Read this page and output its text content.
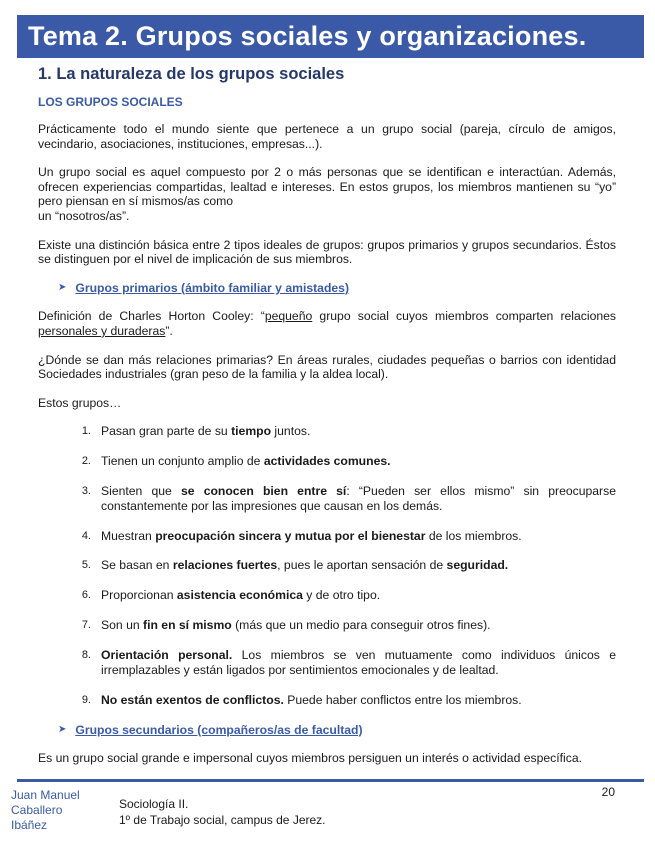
Tema 2. Grupos sociales y organizaciones.
1. La naturaleza de los grupos sociales
LOS GRUPOS SOCIALES

Prácticamente todo el mundo siente que pertenece a un grupo social (pareja, círculo de amigos, vecindario, asociaciones, instituciones, empresas...).

Un grupo social es aquel compuesto por 2 o más personas que se identifican e interactúan. Además, ofrecen experiencias compartidas, lealtad e intereses. En estos grupos, los miembros mantienen su “yo” pero piensan en sí mismos/as como

un “nosotros/as”.

Existe una distinción básica entre 2 tipos ideales de grupos: grupos primarios y grupos secundarios. Éstos se distinguen por el nivel de implicación de sus miembros.

➤ Grupos primarios (ámbito familiar y amistades)

Definición de Charles Horton Cooley: “pequeño grupo social cuyos miembros comparten relaciones personales y duraderas”.

¿Dónde se dan más relaciones primarias? En áreas rurales, ciudades pequeñas o barrios con identidad Sociedades industriales (gran peso de la familia y la aldea local).

Estos grupos…

1. Pasan gran parte de su tiempo juntos.
2. Tienen un conjunto amplio de actividades comunes.
3. Sienten que se conocen bien entre sí: “Pueden ser ellos mismo” sin preocuparse constantemente por las impresiones que causan en los demás.
4. Muestran preocupación sincera y mutua por el bienestar de los miembros.
5. Se basan en relaciones fuertes, pues le aportan sensación de seguridad.
6. Proporcionan asistencia económica y de otro tipo.
7. Son un fin en sí mismo (más que un medio para conseguir otros fines).
8. Orientación personal. Los miembros se ven mutuamente como individuos únicos e irremplazables y están ligados por sentimientos emocionales y de lealtad.
9. No están exentos de conflictos. Puede haber conflictos entre los miembros.
➤ Grupos secundarios (compañeros/as de facultad)

Es un grupo social grande e impersonal cuyos miembros persiguen un interés o actividad específica.

20
Juan Manuel
Caballero
Ibáñez
Sociología II.
1º de Trabajo social, campus de Jerez.
